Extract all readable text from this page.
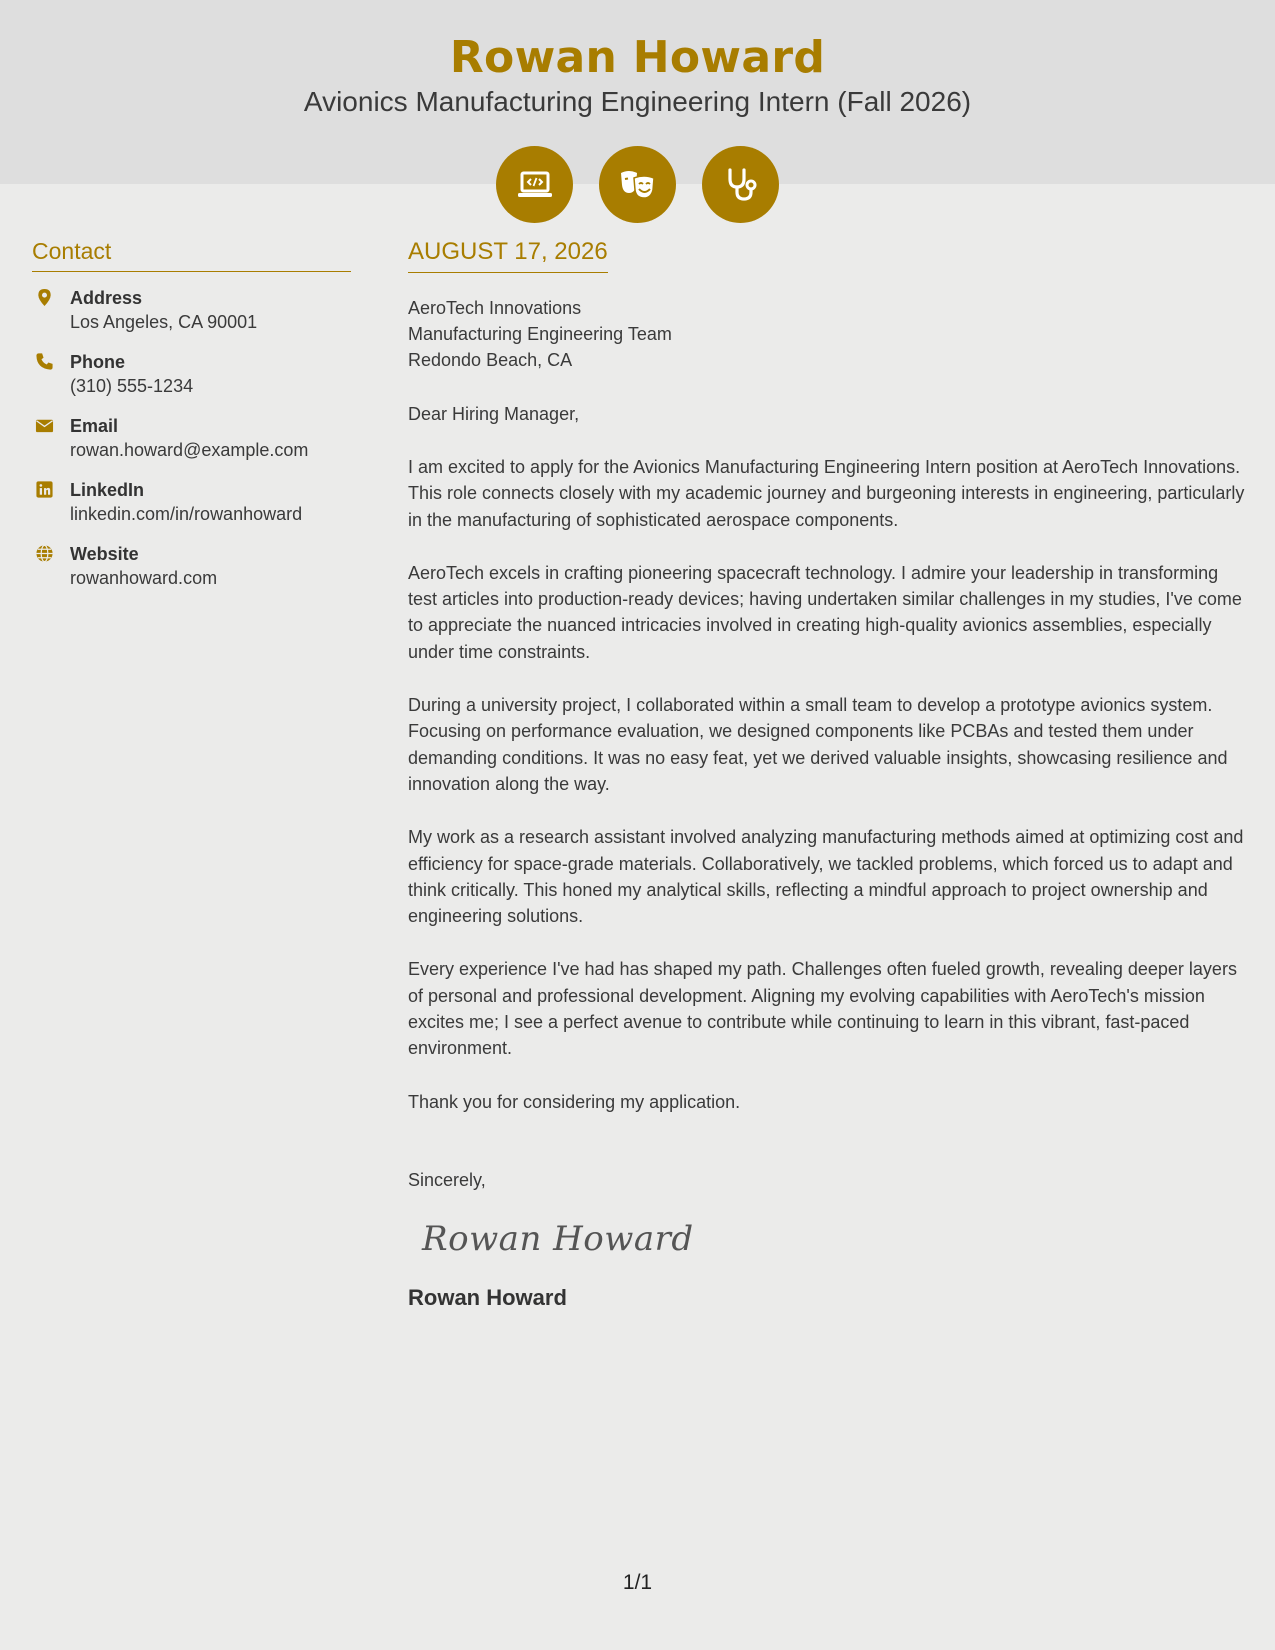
Rowan Howard
Avionics Manufacturing Engineering Intern (Fall 2026)
Contact
Address
Los Angeles, CA 90001
Phone
(310) 555-1234
Email
rowan.howard@example.com
LinkedIn
linkedin.com/in/rowanhoward
Website
rowanhoward.com
AUGUST 17, 2026
AeroTech Innovations
Manufacturing Engineering Team
Redondo Beach, CA
Dear Hiring Manager,
I am excited to apply for the Avionics Manufacturing Engineering Intern position at AeroTech Innovations. This role connects closely with my academic journey and burgeoning interests in engineering, particularly in the manufacturing of sophisticated aerospace components.
AeroTech excels in crafting pioneering spacecraft technology. I admire your leadership in transforming test articles into production-ready devices; having undertaken similar challenges in my studies, I've come to appreciate the nuanced intricacies involved in creating high-quality avionics assemblies, especially under time constraints.
During a university project, I collaborated within a small team to develop a prototype avionics system. Focusing on performance evaluation, we designed components like PCBAs and tested them under demanding conditions. It was no easy feat, yet we derived valuable insights, showcasing resilience and innovation along the way.
My work as a research assistant involved analyzing manufacturing methods aimed at optimizing cost and efficiency for space-grade materials. Collaboratively, we tackled problems, which forced us to adapt and think critically. This honed my analytical skills, reflecting a mindful approach to project ownership and engineering solutions.
Every experience I've had has shaped my path. Challenges often fueled growth, revealing deeper layers of personal and professional development. Aligning my evolving capabilities with AeroTech's mission excites me; I see a perfect avenue to contribute while continuing to learn in this vibrant, fast-paced environment.
Thank you for considering my application.
Sincerely,
Rowan Howard
Rowan Howard
1/1
